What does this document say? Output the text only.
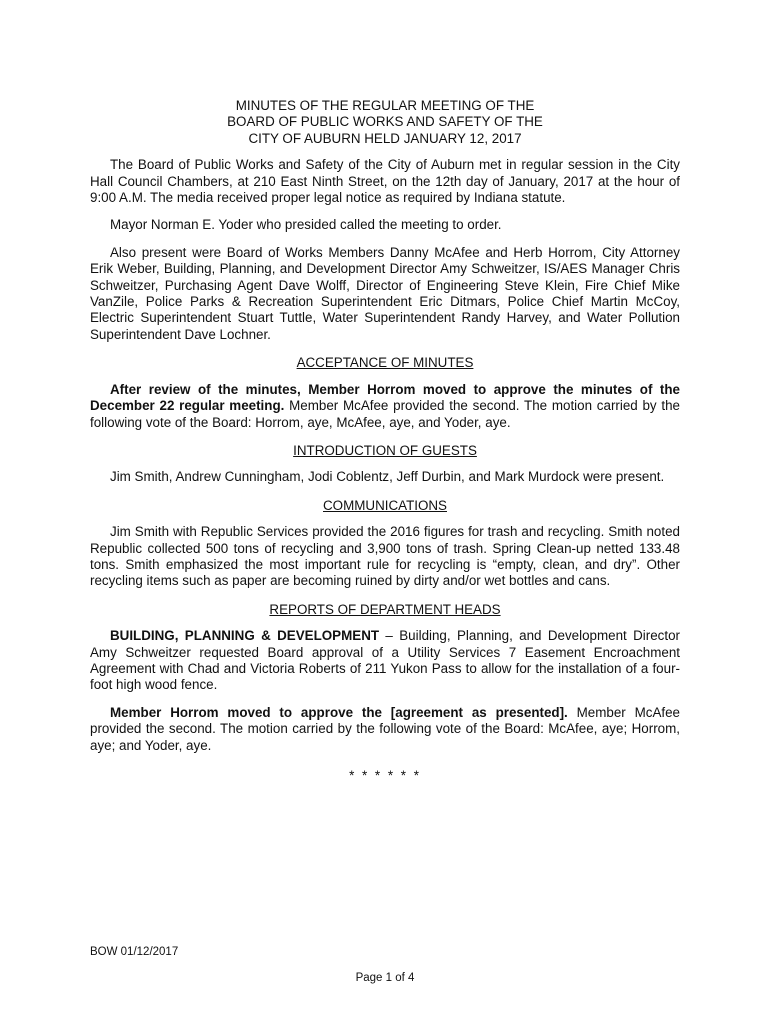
MINUTES OF THE REGULAR MEETING OF THE
BOARD OF PUBLIC WORKS AND SAFETY OF THE
CITY OF AUBURN HELD JANUARY 12, 2017

The Board of Public Works and Safety of the City of Auburn met in regular session in the City Hall Council Chambers, at 210 East Ninth Street, on the 12th day of January, 2017 at the hour of 9:00 A.M. The media received proper legal notice as required by Indiana statute.

Mayor Norman E. Yoder who presided called the meeting to order.

Also present were Board of Works Members Danny McAfee and Herb Horrom, City Attorney Erik Weber, Building, Planning, and Development Director Amy Schweitzer, IS/AES Manager Chris Schweitzer, Purchasing Agent Dave Wolff, Director of Engineering Steve Klein, Fire Chief Mike VanZile, Police Parks & Recreation Superintendent Eric Ditmars, Police Chief Martin McCoy, Electric Superintendent Stuart Tuttle, Water Superintendent Randy Harvey, and Water Pollution Superintendent Dave Lochner.

ACCEPTANCE OF MINUTES

After review of the minutes, Member Horrom moved to approve the minutes of the December 22 regular meeting. Member McAfee provided the second. The motion carried by the following vote of the Board: Horrom, aye, McAfee, aye, and Yoder, aye.

INTRODUCTION OF GUESTS

Jim Smith, Andrew Cunningham, Jodi Coblentz, Jeff Durbin, and Mark Murdock were present.

COMMUNICATIONS

Jim Smith with Republic Services provided the 2016 figures for trash and recycling. Smith noted Republic collected 500 tons of recycling and 3,900 tons of trash. Spring Clean-up netted 133.48 tons. Smith emphasized the most important rule for recycling is “empty, clean, and dry”. Other recycling items such as paper are becoming ruined by dirty and/or wet bottles and cans.

REPORTS OF DEPARTMENT HEADS

BUILDING, PLANNING & DEVELOPMENT – Building, Planning, and Development Director Amy Schweitzer requested Board approval of a Utility Services 7 Easement Encroachment Agreement with Chad and Victoria Roberts of 211 Yukon Pass to allow for the installation of a four-foot high wood fence.

Member Horrom moved to approve the [agreement as presented]. Member McAfee provided the second. The motion carried by the following vote of the Board: McAfee, aye; Horrom, aye; and Yoder, aye.

* * * * * *
BOW 01/12/2017
Page 1 of 4
